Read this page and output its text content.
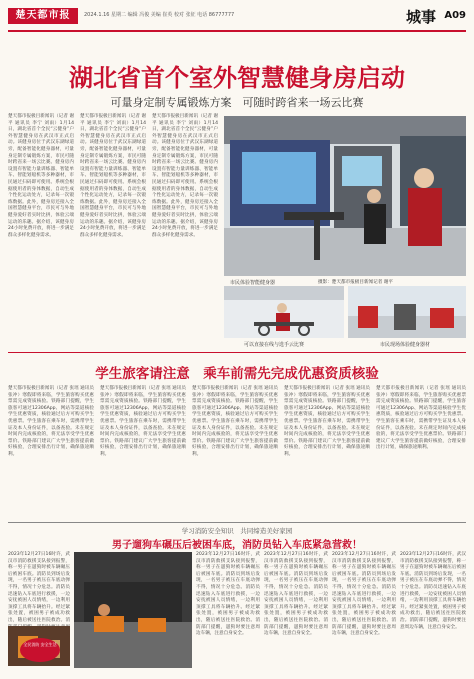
楚天都市报	2024.1.16 星期二 编辑 冯俊 美编 崔英 校对 张征 电话 86777777	城事 A09
湖北省首个室外智慧健身房启动
可量身定制专属锻炼方案　可随时跨省来一场云比赛
楚天都市报极目新闻讯（记者 谢平 通讯员 李宁 刘雨）1月14日，湖北省首个全民“云健身”户外智慧健身房在武汉市正式启动。该健身房位于武汉东湖绿道旁，配备智能化健身器材，可量身定制专属锻炼方案，市民可随时跨省来一场云比赛。健身房内设置有智能力量训练器、智能单车、智能划船机等多种器材，市民通过扫码即可使用。系统会根据使用者的身体数据，自动生成个性化运动处方，记录每一次锻炼数据。此外，健身房还接入全国智慧健身平台，市民可与外地健身爱好者实时比拼，体验云端运动的乐趣。据介绍，该健身房24小时免费开放，将进一步满足群众多样化健身需求。
楚天都市报极目新闻讯（记者 谢平 通讯员 李宁 刘雨）1月14日，湖北省首个全民“云健身”户外智慧健身房在武汉市正式启动。该健身房位于武汉东湖绿道旁，配备智能化健身器材，可量身定制专属锻炼方案，市民可随时跨省来一场云比赛。健身房内设置有智能力量训练器、智能单车、智能划船机等多种器材，市民通过扫码即可使用。系统会根据使用者的身体数据，自动生成个性化运动处方，记录每一次锻炼数据。此外，健身房还接入全国智慧健身平台，市民可与外地健身爱好者实时比拼，体验云端运动的乐趣。据介绍，该健身房24小时免费开放，将进一步满足群众多样化健身需求。
楚天都市报极目新闻讯（记者 谢平 通讯员 李宁 刘雨）1月14日，湖北省首个全民“云健身”户外智慧健身房在武汉市正式启动。该健身房位于武汉东湖绿道旁，配备智能化健身器材，可量身定制专属锻炼方案，市民可随时跨省来一场云比赛。健身房内设置有智能力量训练器、智能单车、智能划船机等多种器材，市民通过扫码即可使用。系统会根据使用者的身体数据，自动生成个性化运动处方，记录每一次锻炼数据。此外，健身房还接入全国智慧健身平台，市民可与外地健身爱好者实时比拼，体验云端运动的乐趣。据介绍，该健身房24小时免费开放，将进一步满足群众多样化健身需求。
市民体验智能健身器	摄影：楚天都市报极目新闻记者 谢平
可以直接在线与选手云比赛	市民现场体验健身器材
学生旅客请注意　乘车前需先完成优惠资质核验
楚天都市报极目新闻讯（记者 张瑶 通讯员 张冲）寒假即将来临，学生旅客购买优惠票需完成资质核验。铁路部门提醒，学生旅客可通过12306App、网站等渠道核验学生优惠资质，核验通过后方可购买学生优惠票。学生旅客在乘车时，需携带学生证及本人身份证件，以备查验。未在规定时间内完成核验的，将无法享受学生优惠票价。铁路部门建议广大学生旅客提前做好核验，合理安排出行计划，确保旅途顺利。
楚天都市报极目新闻讯（记者 张瑶 通讯员 张冲）寒假即将来临，学生旅客购买优惠票需完成资质核验。铁路部门提醒，学生旅客可通过12306App、网站等渠道核验学生优惠资质，核验通过后方可购买学生优惠票。学生旅客在乘车时，需携带学生证及本人身份证件，以备查验。未在规定时间内完成核验的，将无法享受学生优惠票价。铁路部门建议广大学生旅客提前做好核验，合理安排出行计划，确保旅途顺利。
楚天都市报极目新闻讯（记者 张瑶 通讯员 张冲）寒假即将来临，学生旅客购买优惠票需完成资质核验。铁路部门提醒，学生旅客可通过12306App、网站等渠道核验学生优惠资质，核验通过后方可购买学生优惠票。学生旅客在乘车时，需携带学生证及本人身份证件，以备查验。未在规定时间内完成核验的，将无法享受学生优惠票价。铁路部门建议广大学生旅客提前做好核验，合理安排出行计划，确保旅途顺利。
楚天都市报极目新闻讯（记者 张瑶 通讯员 张冲）寒假即将来临，学生旅客购买优惠票需完成资质核验。铁路部门提醒，学生旅客可通过12306App、网站等渠道核验学生优惠资质，核验通过后方可购买学生优惠票。学生旅客在乘车时，需携带学生证及本人身份证件，以备查验。未在规定时间内完成核验的，将无法享受学生优惠票价。铁路部门建议广大学生旅客提前做好核验，合理安排出行计划，确保旅途顺利。
楚天都市报极目新闻讯（记者 张瑶 通讯员 张冲）寒假即将来临，学生旅客购买优惠票需完成资质核验。铁路部门提醒，学生旅客可通过12306App、网站等渠道核验学生优惠资质，核验通过后方可购买学生优惠票。学生旅客在乘车时，需携带学生证及本人身份证件，以备查验。未在规定时间内完成核验的，将无法享受学生优惠票价。铁路部门建议广大学生旅客提前做好核验，合理安排出行计划，确保旅途顺利。
学习消防安全知识　共同缔造美好家园
男子遛狗车碾压后被困车底，消防员钻入车底紧急营救！
2023年12月27日16时许，武汉市消防救援支队接到报警，称一男子在遛狗时被车辆碾压后被困车底。消防员到场后发现，一名男子被压在车底动弹不得，情况十分危急。消防员迅速钻入车底进行救援，一边安抚被困人员情绪，一边利用顶撑工具将车辆抬升。经过紧张处置，被困男子被成功救出，随后被送往医院救治。消
全民消防 安全生活
2023年12月27日16时许，武汉市消防救援支队接到报警，称一男子在遛狗时被车辆碾压后被困车底。消防员到场后发现，一名男子被压在车底动弹不得，情况十分危急。消防员迅速钻入车底进行救援，一边安抚被困人员情绪，一边利用顶撑工具将车辆抬升。经过紧张处置，被困男子被成功救出，随后被送往医院救治。消防部门提醒，遛狗时要注意周边车辆，注意自身安全。
2023年12月27日16时许，武汉市消防救援支队接到报警，称一男子在遛狗时被车辆碾压后被困车底。消防员到场后发现，一名男子被压在车底动弹不得，情况十分危急。消防员迅速钻入车底进行救援，一边安抚被困人员情绪，一边利用顶撑工具将车辆抬升。经过紧张处置，被困男子被成功救出，随后被送往医院救治。消防部门提醒，遛狗时要注意周边车辆，注意自身安全。
2023年12月27日16时许，武汉市消防救援支队接到报警，称一男子在遛狗时被车辆碾压后被困车底。消防员到场后发现，一名男子被压在车底动弹不得，情况十分危急。消防员迅速钻入车底进行救援，一边安抚被困人员情绪，一边利用顶撑工具将车辆抬升。经过紧张处置，被困男子被成功救出，随后被送往医院救治。消防部门提醒，遛狗时要注意周边车辆，注意自身安全。
2023年12月27日16时许，武汉市消防救援支队接到报警，称一男子在遛狗时被车辆碾压后被困车底。消防员到场后发现，一名男子被压在车底动弹不得，情况十分危急。消防员迅速钻入车底进行救援，一边安抚被困人员情绪，一边利用顶撑工具将车辆抬升。经过紧张处置，被困男子被成功救出，随后被送往医院救治。消防部门提醒，遛狗时要注意周边车辆，注意自身安全。
